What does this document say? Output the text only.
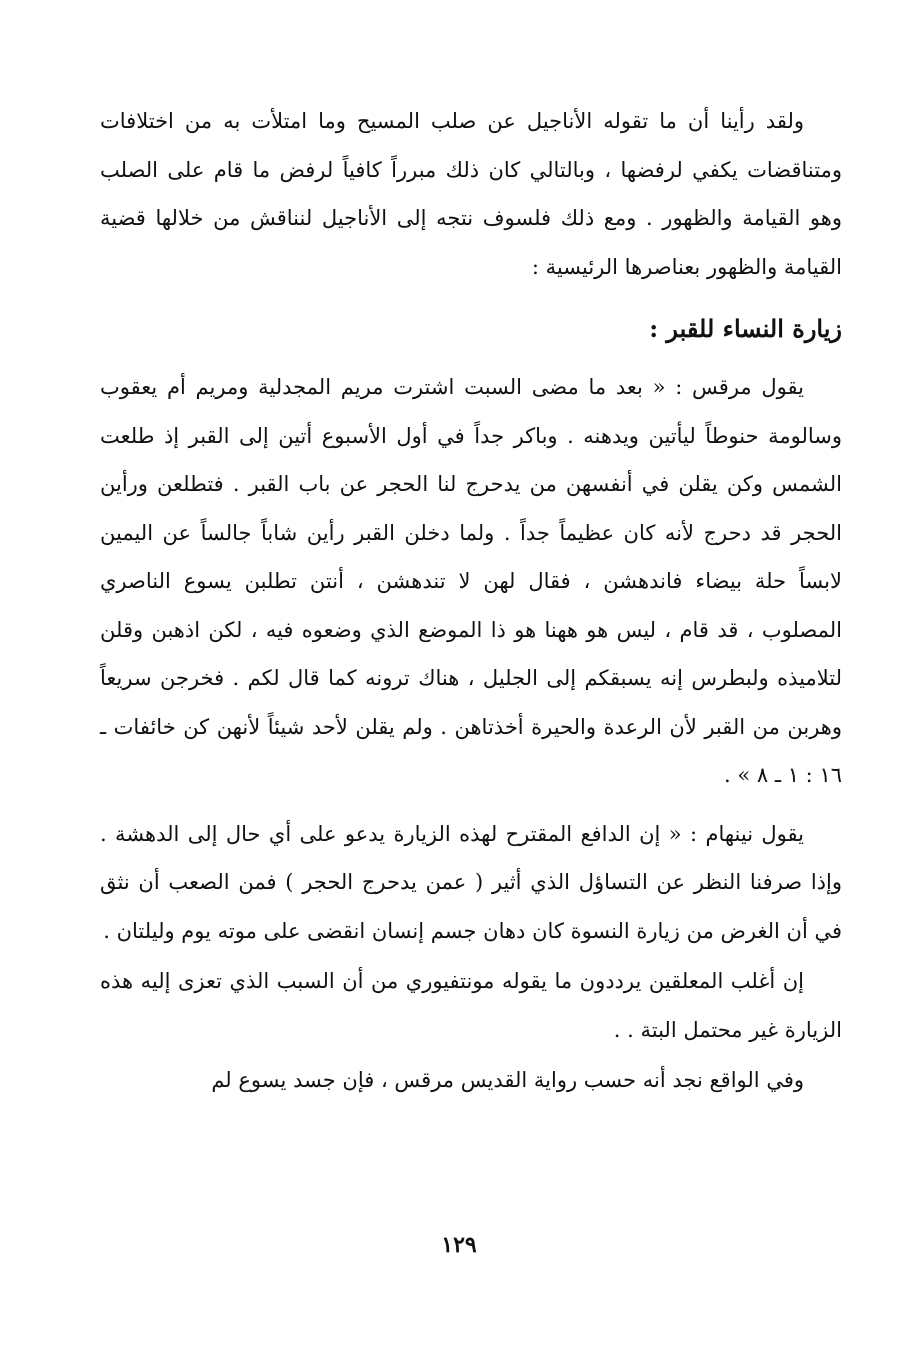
ولقد رأينا أن ما تقوله الأناجيل عن صلب المسيح وما امتلأت به من اختلافات ومتناقضات يكفي لرفضها ، وبالتالي كان ذلك مبرراً كافياً لرفض ما قام على الصلب وهو القيامة والظهور . ومع ذلك فلسوف نتجه إلى الأناجيل لنناقش من خلالها قضية القيامة والظهور بعناصرها الرئيسية :

زيارة النساء للقبر :

يقول مرقس : « بعد ما مضى السبت اشترت مريم المجدلية ومريم أم يعقوب وسالومة حنوطاً ليأتين ويدهنه . وباكر جداً في أول الأسبوع أتين إلى القبر إذ طلعت الشمس وكن يقلن في أنفسهن من يدحرج لنا الحجر عن باب القبر . فتطلعن ورأين الحجر قد دحرج لأنه كان عظيماً جداً . ولما دخلن القبر رأين شاباً جالساً عن اليمين لابساً حلة بيضاء فاندهشن ، فقال لهن لا تندهشن ، أنتن تطلبن يسوع الناصري المصلوب ، قد قام ، ليس هو ههنا هو ذا الموضع الذي وضعوه فيه ، لكن اذهبن وقلن لتلاميذه ولبطرس إنه يسبقكم إلى الجليل ، هناك ترونه كما قال لكم . فخرجن سريعاً وهربن من القبر لأن الرعدة والحيرة أخذتاهن . ولم يقلن لأحد شيئاً لأنهن كن خائفات ـ ١٦ : ١ ـ ٨ » .

يقول نينهام : « إن الدافع المقترح لهذه الزيارة يدعو على أي حال إلى الدهشة . وإذا صرفنا النظر عن التساؤل الذي أثير ( عمن يدحرج الحجر ) فمن الصعب أن نثق في أن الغرض من زيارة النسوة كان دهان جسم إنسان انقضى على موته يوم وليلتان .

إن أغلب المعلقين يرددون ما يقوله مونتفيوري من أن السبب الذي تعزى إليه هذه الزيارة غير محتمل البتة . .

وفي الواقع نجد أنه حسب رواية القديس مرقس ، فإن جسد يسوع لم

١٢٩
